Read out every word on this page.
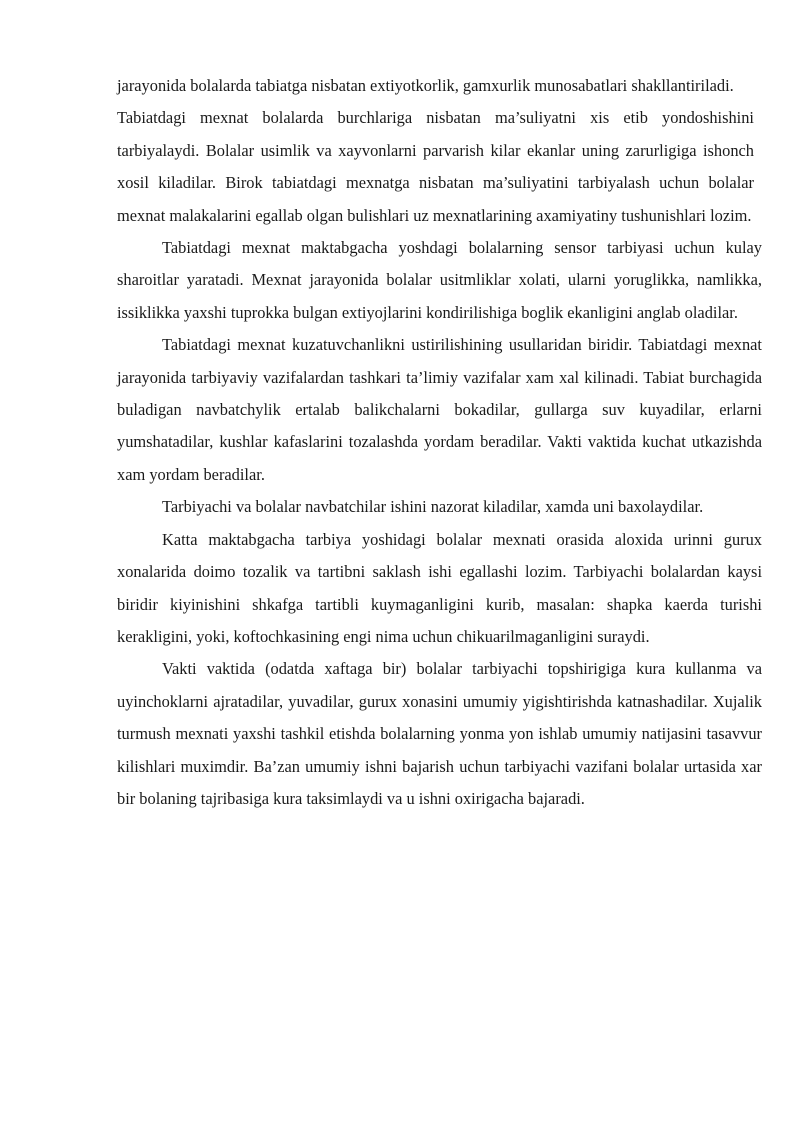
jarayonida bolalarda tabiatga nisbatan extiyotkorlik, gamxurlik munosabatlari shakllantiriladi.

Tabiatdagi mexnat bolalarda burchlariga nisbatan ma’suliyatni xis etib yondoshishini tarbiyalaydi. Bolalar usimlik va xayvonlarni parvarish kilar ekanlar uning zarurligiga ishonch xosil kiladilar. Birok tabiatdagi mexnatga nisbatan ma’suliyatini tarbiyalash uchun bolalar mexnat malakalarini egallab olgan bulishlari uz mexnatlarining axamiyatiny tushunishlari lozim.

Tabiatdagi mexnat maktabgacha yoshdagi bolalarning sensor tarbiyasi uchun kulay sharoitlar yaratadi. Mexnat jarayonida bolalar usitmliklar xolati, ularni yoruglikka, namlikka, issiklikka yaxshi tuprokka bulgan extiyojlarini kondirilishiga boglik ekanligini anglab oladilar.

Tabiatdagi mexnat kuzatuvchanlikni ustirilishining usullaridan biridir. Tabiatdagi mexnat jarayonida tarbiyaviy vazifalardan tashkari ta’limiy vazifalar xam xal kilinadi. Tabiat burchagida buladigan navbatchylik ertalab balikchalarni bokadilar, gullarga suv kuyadilar, erlarni yumshatadilar, kushlar kafaslarini tozalashda yordam beradilar. Vakti vaktida kuchat utkazishda xam yordam beradilar.

Tarbiyachi va bolalar navbatchilar ishini nazorat kiladilar, xamda uni baxolaydilar.

Katta maktabgacha tarbiya yoshidagi bolalar mexnati orasida aloxida urinni gurux xonalarida doimo tozalik va tartibni saklash ishi egallashi lozim. Tarbiyachi bolalardan kaysi biridir kiyinishini shkafga tartibli kuymaganligini kurib, masalan: shapka kaerda turishi kerakligini, yoki, koftochkasining engi nima uchun chikuarilmaganligini suraydi.

Vakti vaktida (odatda xaftaga bir) bolalar tarbiyachi topshirigiga kura kullanma va uyinchoklarni ajratadilar, yuvadilar, gurux xonasini umumiy yigishtirishda katnashadilar. Xujalik turmush mexnati yaxshi tashkil etishda bolalarning yonma yon ishlab umumiy natijasini tasavvur kilishlari muximdir. Ba’zan umumiy ishni bajarish uchun tarbiyachi vazifani bolalar urtasida xar bir bolaning tajribasiga kura taksimlaydi va u ishni oxirigacha bajaradi.
